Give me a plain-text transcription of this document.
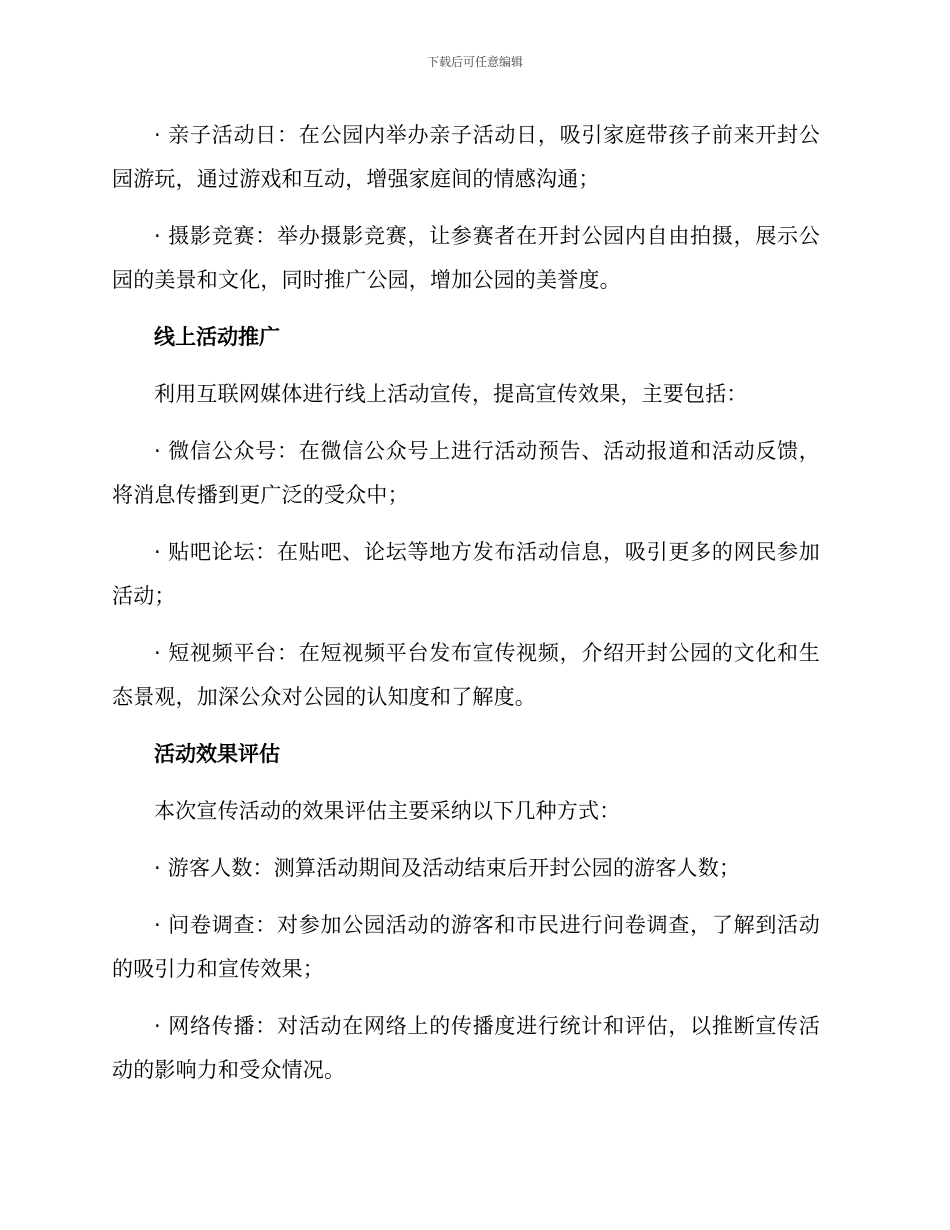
下载后可任意编辑

· 亲子活动日：在公园内举办亲子活动日，吸引家庭带孩子前来开封公园游玩，通过游戏和互动，增强家庭间的情感沟通；

· 摄影竞赛：举办摄影竞赛，让参赛者在开封公园内自由拍摄，展示公园的美景和文化，同时推广公园，增加公园的美誉度。

线上活动推广

利用互联网媒体进行线上活动宣传，提高宣传效果，主要包括：

· 微信公众号：在微信公众号上进行活动预告、活动报道和活动反馈，将消息传播到更广泛的受众中；

· 贴吧论坛：在贴吧、论坛等地方发布活动信息，吸引更多的网民参加活动；

· 短视频平台：在短视频平台发布宣传视频，介绍开封公园的文化和生态景观，加深公众对公园的认知度和了解度。

活动效果评估

本次宣传活动的效果评估主要采纳以下几种方式：

· 游客人数：测算活动期间及活动结束后开封公园的游客人数；

· 问卷调查：对参加公园活动的游客和市民进行问卷调查，了解到活动的吸引力和宣传效果；

· 网络传播：对活动在网络上的传播度进行统计和评估，以推断宣传活动的影响力和受众情况。
